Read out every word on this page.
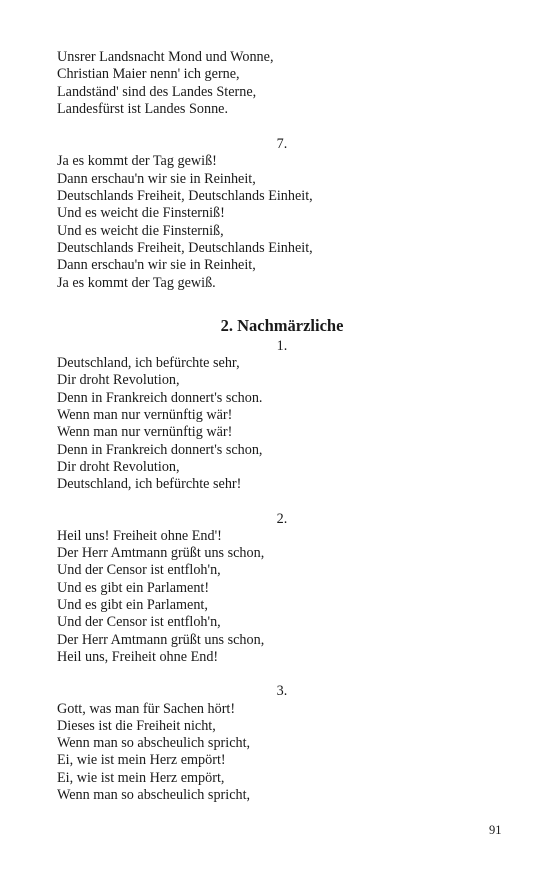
Unsrer Landsnacht Mond und Wonne,
Christian Maier nenn' ich gerne,
Landständ' sind des Landes Sterne,
Landesfürst ist Landes Sonne.
7.
Ja es kommt der Tag gewiß!
Dann erschau'n wir sie in Reinheit,
Deutschlands Freiheit, Deutschlands Einheit,
Und es weicht die Finsterniß!
Und es weicht die Finsterniß,
Deutschlands Freiheit, Deutschlands Einheit,
Dann erschau'n wir sie in Reinheit,
Ja es kommt der Tag gewiß.
2. Nachmärzliche
1.
Deutschland, ich befürchte sehr,
Dir droht Revolution,
Denn in Frankreich donnert's schon.
Wenn man nur vernünftig wär!
Wenn man nur vernünftig wär!
Denn in Frankreich donnert's schon,
Dir droht Revolution,
Deutschland, ich befürchte sehr!
2.
Heil uns! Freiheit ohne End'!
Der Herr Amtmann grüßt uns schon,
Und der Censor ist entfloh'n,
Und es gibt ein Parlament!
Und es gibt ein Parlament,
Und der Censor ist entfloh'n,
Der Herr Amtmann grüßt uns schon,
Heil uns, Freiheit ohne End!
3.
Gott, was man für Sachen hört!
Dieses ist die Freiheit nicht,
Wenn man so abscheulich spricht,
Ei, wie ist mein Herz empört!
Ei, wie ist mein Herz empört,
Wenn man so abscheulich spricht,
91
